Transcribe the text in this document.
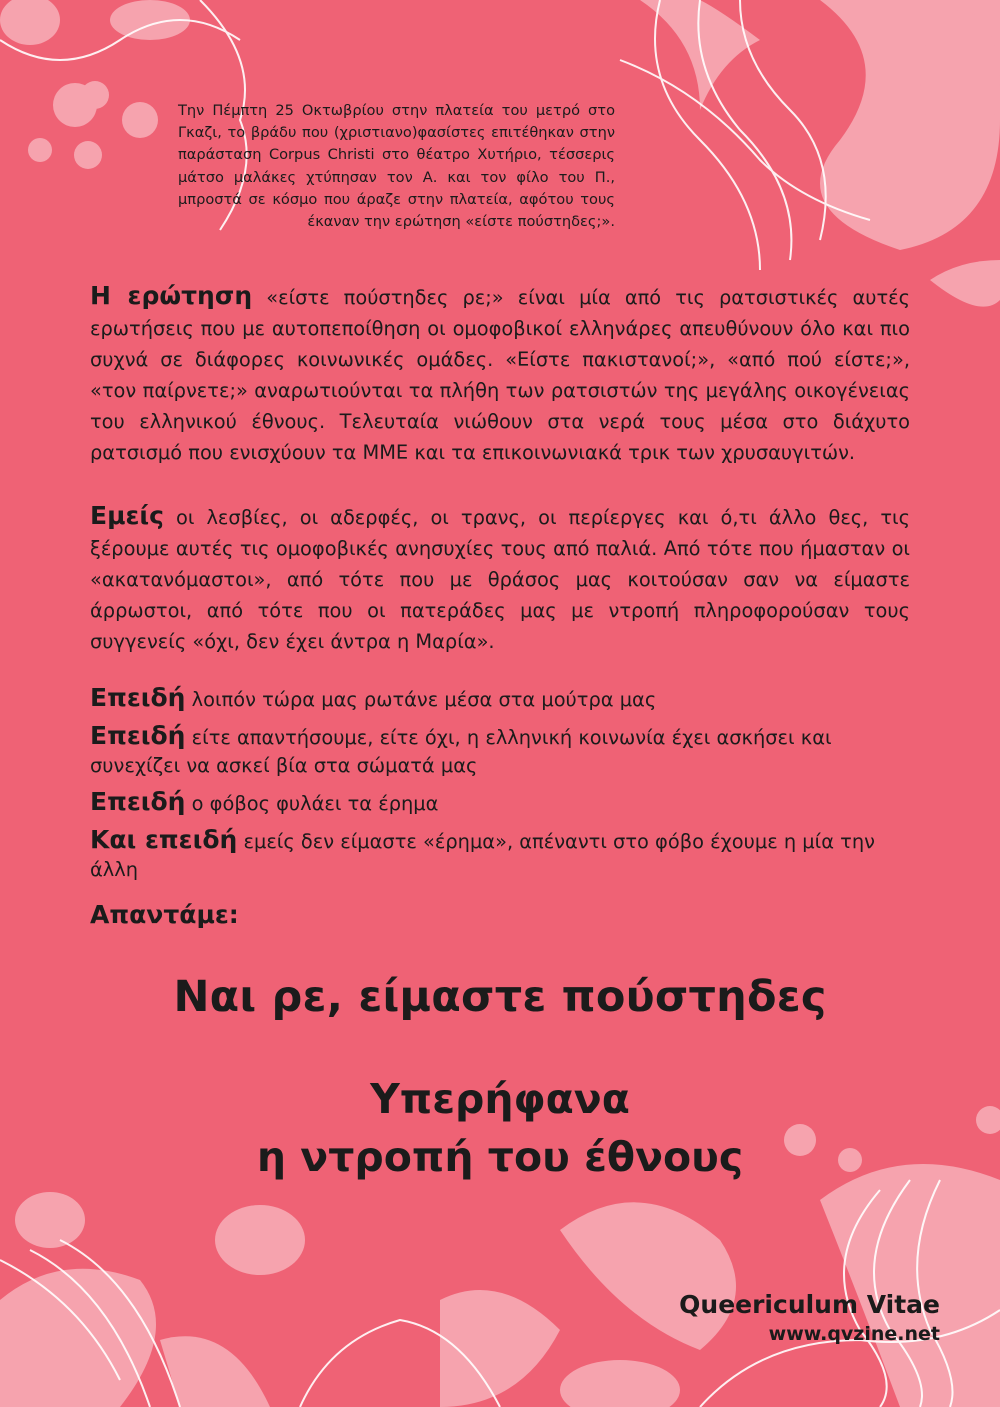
Την Πέμπτη 25 Οκτωβρίου στην πλατεία του μετρό στο Γκαζι, το βράδυ που (χριστιανο)φασίστες επιτέθηκαν στην παράσταση Corpus Christi στο θέατρο Χυτήριο, τέσσερις μάτσο μαλάκες χτύπησαν τον Α. και τον φίλο του Π., μπροστά σε κόσμο που άραζε στην πλατεία, αφότου τους έκαναν την ερώτηση «είστε πούστηδες;».
Η ερώτηση «είστε πούστηδες ρε;» είναι μία από τις ρατσιστικές αυτές ερωτήσεις που με αυτοπεποίθηση οι ομοφοβικοί ελληνάρες απευθύνουν όλο και πιο συχνά σε διάφορες κοινωνικές ομάδες. «Είστε πακιστανοί;», «από πού είστε;», «τον παίρνετε;» αναρωτιούνται τα πλήθη των ρατσιστών της μεγάλης οικογένειας του ελληνικού έθνους. Τελευταία νιώθουν στα νερά τους μέσα στο διάχυτο ρατσισμό που ενισχύουν τα ΜΜΕ και τα επικοινωνιακά τρικ των χρυσαυγιτών.
Εμείς οι λεσβίες, οι αδερφές, οι τρανς, οι περίεργες και ό,τι άλλο θες, τις ξέρουμε αυτές τις ομοφοβικές ανησυχίες τους από παλιά. Από τότε που ήμασταν οι «ακατανόμαστοι», από τότε που με θράσος μας κοιτούσαν σαν να είμαστε άρρωστοι, από τότε που οι πατεράδες μας με ντροπή πληροφορούσαν τους συγγενείς «όχι, δεν έχει άντρα η Μαρία».
Επειδή λοιπόν τώρα μας ρωτάνε μέσα στα μούτρα μας
Επειδή είτε απαντήσουμε, είτε όχι, η ελληνική κοινωνία έχει ασκήσει και συνεχίζει να ασκεί βία στα σώματά μας
Επειδή ο φόβος φυλάει τα έρημα
Και επειδή εμείς δεν είμαστε «έρημα», απέναντι στο φόβο έχουμε η μία την άλλη
Απαντάμε:
Ναι ρε, είμαστε πούστηδες
Υπερήφανα
η ντροπή του έθνους
Queericulum Vitae
www.qvzine.net
